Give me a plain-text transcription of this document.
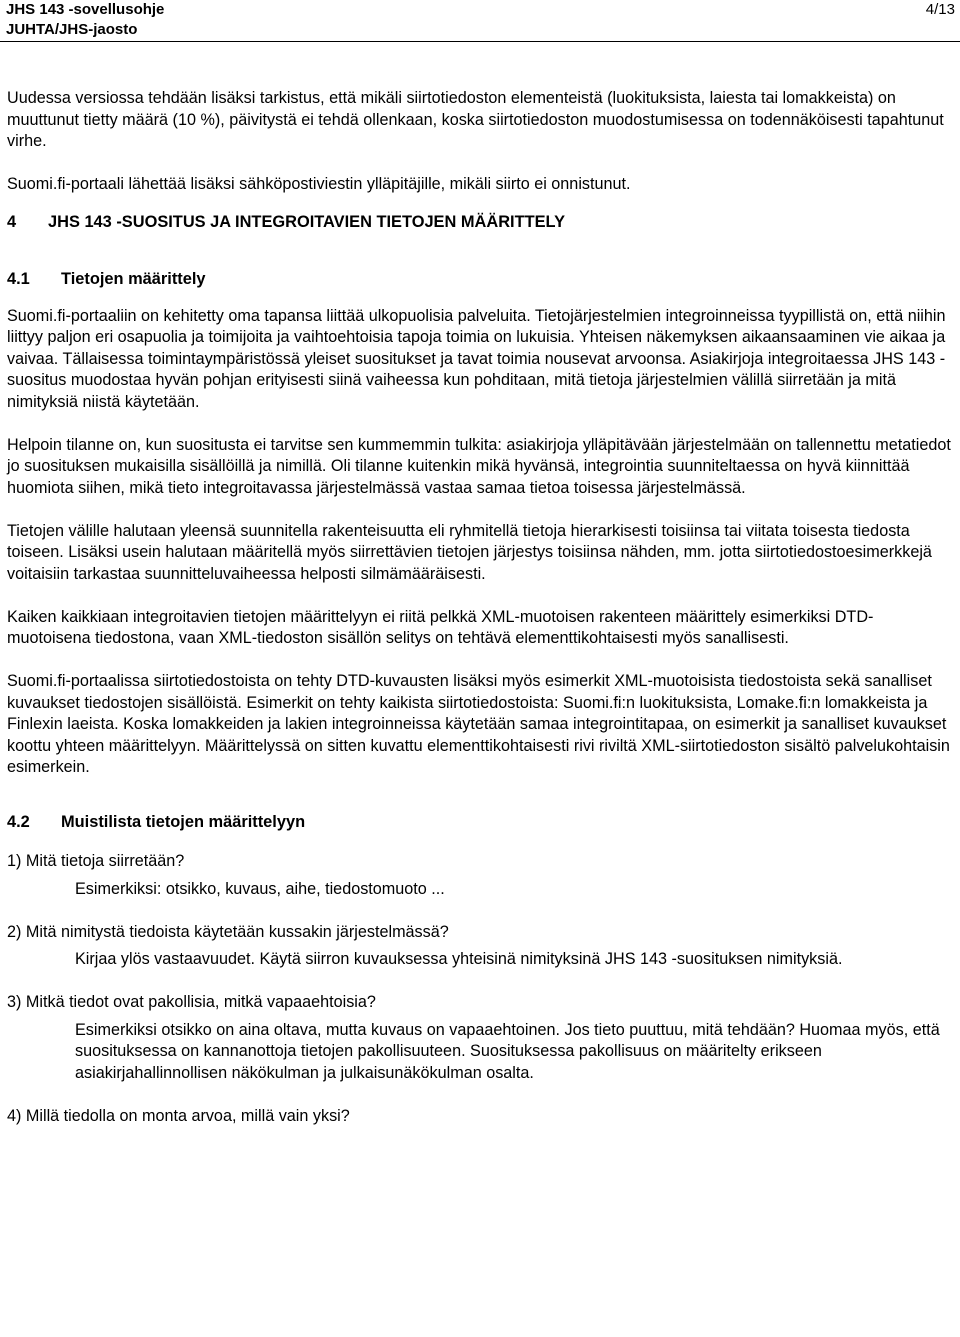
JHS 143 -sovellusohje
JUHTA/JHS-jaosto
4/13

Uudessa versiossa tehdään lisäksi tarkistus, että mikäli siirtotiedoston elementeistä (luokituksista, laiesta tai lomakkeista) on muuttunut tietty määrä (10 %), päivitystä ei tehdä ollenkaan, koska siirtotiedoston muodostumisessa on todennäköisesti tapahtunut virhe.

Suomi.fi-portaali lähettää lisäksi sähköpostiviestin ylläpitäjille, mikäli siirto ei onnistunut.

4 JHS 143 -SUOSITUS JA INTEGROITAVIEN TIETOJEN MÄÄRITTELY
4.1 Tietojen määrittely

Suomi.fi-portaaliin on kehitetty oma tapansa liittää ulkopuolisia palveluita. Tietojärjestelmien integroinneissa tyypillistä on, että niihin liittyy paljon eri osapuolia ja toimijoita ja vaihtoehtoisia tapoja toimia on lukuisia. Yhteisen näkemyksen aikaansaaminen vie aikaa ja vaivaa. Tällaisessa toimintaympäristössä yleiset suositukset ja tavat toimia nousevat arvoonsa. Asiakirjoja integroitaessa JHS 143 -suositus muodostaa hyvän pohjan erityisesti siinä vaiheessa kun pohditaan, mitä tietoja järjestelmien välillä siirretään ja mitä nimityksiä niistä käytetään.

Helpoin tilanne on, kun suositusta ei tarvitse sen kummemmin tulkita: asiakirjoja ylläpitävään järjestelmään on tallennettu metatiedot jo suosituksen mukaisilla sisällöillä ja nimillä. Oli tilanne kuitenkin mikä hyvänsä, integrointia suunniteltaessa on hyvä kiinnittää huomiota siihen, mikä tieto integroitavassa järjestelmässä vastaa samaa tietoa toisessa järjestelmässä.

Tietojen välille halutaan yleensä suunnitella rakenteisuutta eli ryhmitellä tietoja hierarkisesti toisiinsa tai viitata toisesta tiedosta toiseen. Lisäksi usein halutaan määritellä myös siirrettävien tietojen järjestys toisiinsa nähden, mm. jotta siirtotiedostoesimerkkejä voitaisiin tarkastaa suunnitteluvaiheessa helposti silmämääräisesti.

Kaiken kaikkiaan integroitavien tietojen määrittelyyn ei riitä pelkkä XML-muotoisen rakenteen määrittely esimerkiksi DTD-muotoisena tiedostona, vaan XML-tiedoston sisällön selitys on tehtävä elementtikohtaisesti myös sanallisesti.

Suomi.fi-portaalissa siirtotiedostoista on tehty DTD-kuvausten lisäksi myös esimerkit XML-muotoisista tiedostoista sekä sanalliset kuvaukset tiedostojen sisällöistä. Esimerkit on tehty kaikista siirtotiedostoista: Suomi.fi:n luokituksista, Lomake.fi:n lomakkeista ja Finlexin laeista. Koska lomakkeiden ja lakien integroinneissa käytetään samaa integrointitapaa, on esimerkit ja sanalliset kuvaukset koottu yhteen määrittelyyn. Määrittelyssä on sitten kuvattu elementtikohtaisesti rivi riviltä XML-siirtotiedoston sisältö palvelukohtaisin esimerkein.

4.2 Muistilista tietojen määrittelyyn

1) Mitä tietoja siirretään?

Esimerkiksi: otsikko, kuvaus, aihe, tiedostomuoto ...

2) Mitä nimitystä tiedoista käytetään kussakin järjestelmässä?

Kirjaa ylös vastaavuudet. Käytä siirron kuvauksessa yhteisinä nimityksinä JHS 143 -suosituksen nimityksiä.

3) Mitkä tiedot ovat pakollisia, mitkä vapaaehtoisia?

Esimerkiksi otsikko on aina oltava, mutta kuvaus on vapaaehtoinen. Jos tieto puuttuu, mitä tehdään? Huomaa myös, että suosituksessa on kannanottoja tietojen pakollisuuteen. Suosituksessa pakollisuus on määritelty erikseen asiakirjahallinnollisen näkökulman ja julkaisunäkökulman osalta.

4) Millä tiedolla on monta arvoa, millä vain yksi?
